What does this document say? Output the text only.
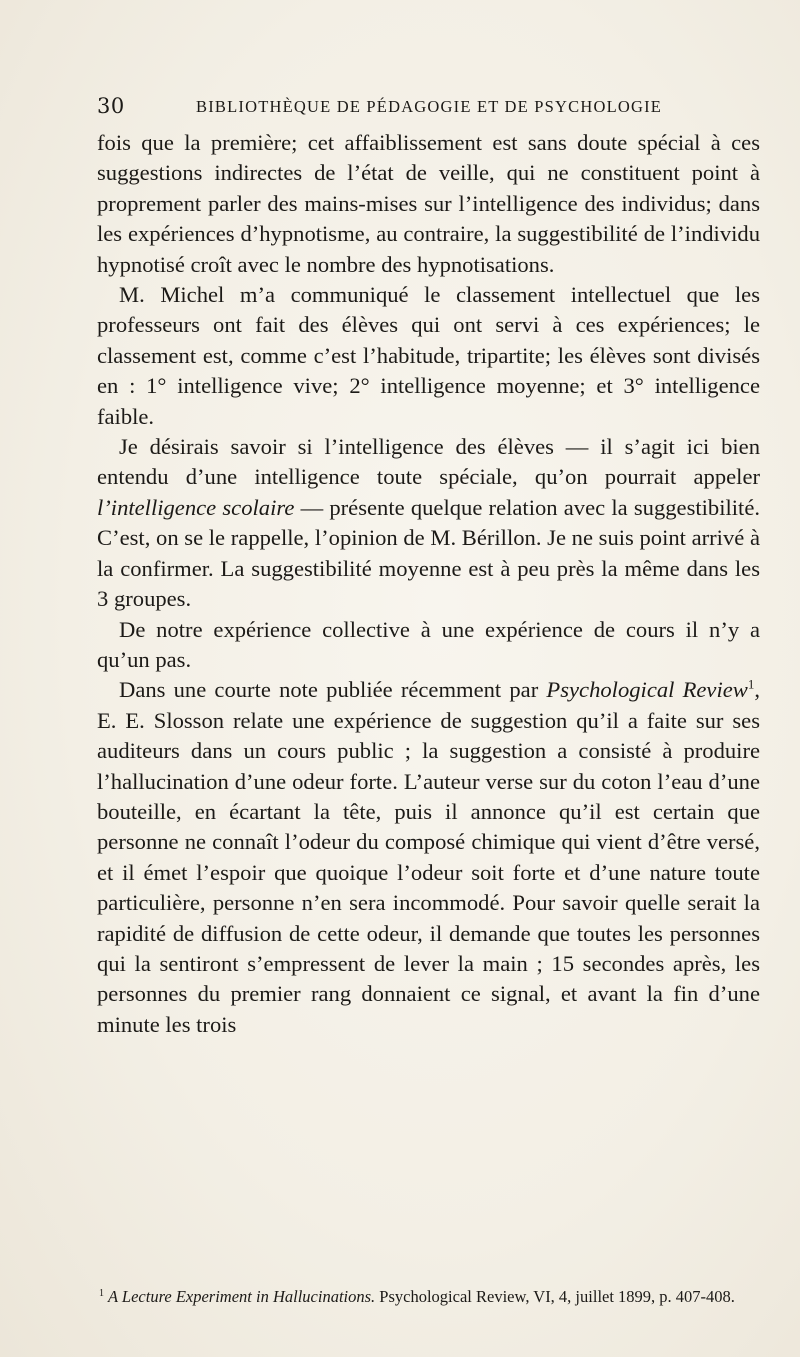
30	BIBLIOTHÈQUE DE PÉDAGOGIE ET DE PSYCHOLOGIE

fois que la première; cet affaiblissement est sans doute spécial à ces suggestions indirectes de l’état de veille, qui ne constituent point à proprement parler des mains-mises sur l’intelligence des individus; dans les expériences d’hypnotisme, au contraire, la suggestibilité de l’individu hypnotisé croît avec le nombre des hypnotisations.

M. Michel m’a communiqué le classement intellectuel que les professeurs ont fait des élèves qui ont servi à ces expériences; le classement est, comme c’est l’habitude, tripartite; les élèves sont divisés en : 1° intelligence vive; 2° intelligence moyenne; et 3° intelligence faible.

Je désirais savoir si l’intelligence des élèves — il s’agit ici bien entendu d’une intelligence toute spéciale, qu’on pourrait appeler l’intelligence scolaire — présente quelque relation avec la suggestibilité. C’est, on se le rappelle, l’opinion de M. Bérillon. Je ne suis point arrivé à la confirmer. La suggestibilité moyenne est à peu près la même dans les 3 groupes.

De notre expérience collective à une expérience de cours il n’y a qu’un pas.

Dans une courte note publiée récemment par Psychological Review$^1$, E. E. Slosson relate une expérience de suggestion qu’il a faite sur ses auditeurs dans un cours public ; la suggestion a consisté à produire l’hallucination d’une odeur forte. L’auteur verse sur du coton l’eau d’une bouteille, en écartant la tête, puis il annonce qu’il est certain que personne ne connaît l’odeur du composé chimique qui vient d’être versé, et il émet l’espoir que quoique l’odeur soit forte et d’une nature toute particulière, personne n’en sera incommodé. Pour savoir quelle serait la rapidité de diffusion de cette odeur, il demande que toutes les personnes qui la sentiront s’empressent de lever la main ; 15 secondes après, les personnes du premier rang donnaient ce signal, et avant la fin d’une minute les trois

$^1$ A Lecture Experiment in Hallucinations. Psychological Review, VI, 4, juillet 1899, p. 407-408.
